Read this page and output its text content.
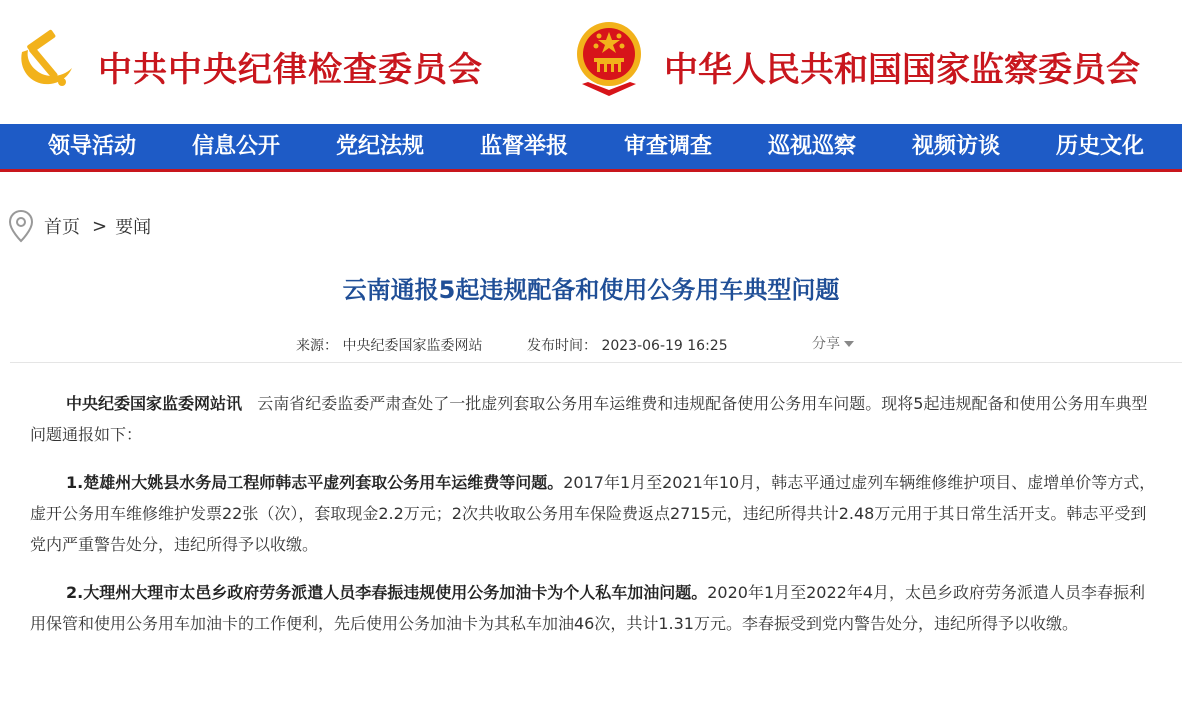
中共中央纪律检查委员会	中华人民共和国国家监察委员会
领导活动	信息公开	党纪法规	监督举报	审查调查	巡视巡察	视频访谈	历史文化
首页 > 要闻
云南通报5起违规配备和使用公务用车典型问题
来源： 中央纪委国家监委网站	发布时间： 2023-06-19 16:25	分享

中央纪委国家监委网站讯 云南省纪委监委严肃查处了一批虚列套取公务用车运维费和违规配备使用公务用车问题。现将5起违规配备和使用公务用车典型问题通报如下：

1.楚雄州大姚县水务局工程师韩志平虚列套取公务用车运维费等问题。2017年1月至2021年10月，韩志平通过虚列车辆维修维护项目、虚增单价等方式，虚开公务用车维修维护发票22张（次），套取现金2.2万元；2次共收取公务用车保险费返点2715元，违纪所得共计2.48万元用于其日常生活开支。韩志平受到党内严重警告处分，违纪所得予以收缴。

2.大理州大理市太邑乡政府劳务派遣人员李春振违规使用公务加油卡为个人私车加油问题。2020年1月至2022年4月，太邑乡政府劳务派遣人员李春振利用保管和使用公务用车加油卡的工作便利，先后使用公务加油卡为其私车加油46次，共计1.31万元。李春振受到党内警告处分，违纪所得予以收缴。
